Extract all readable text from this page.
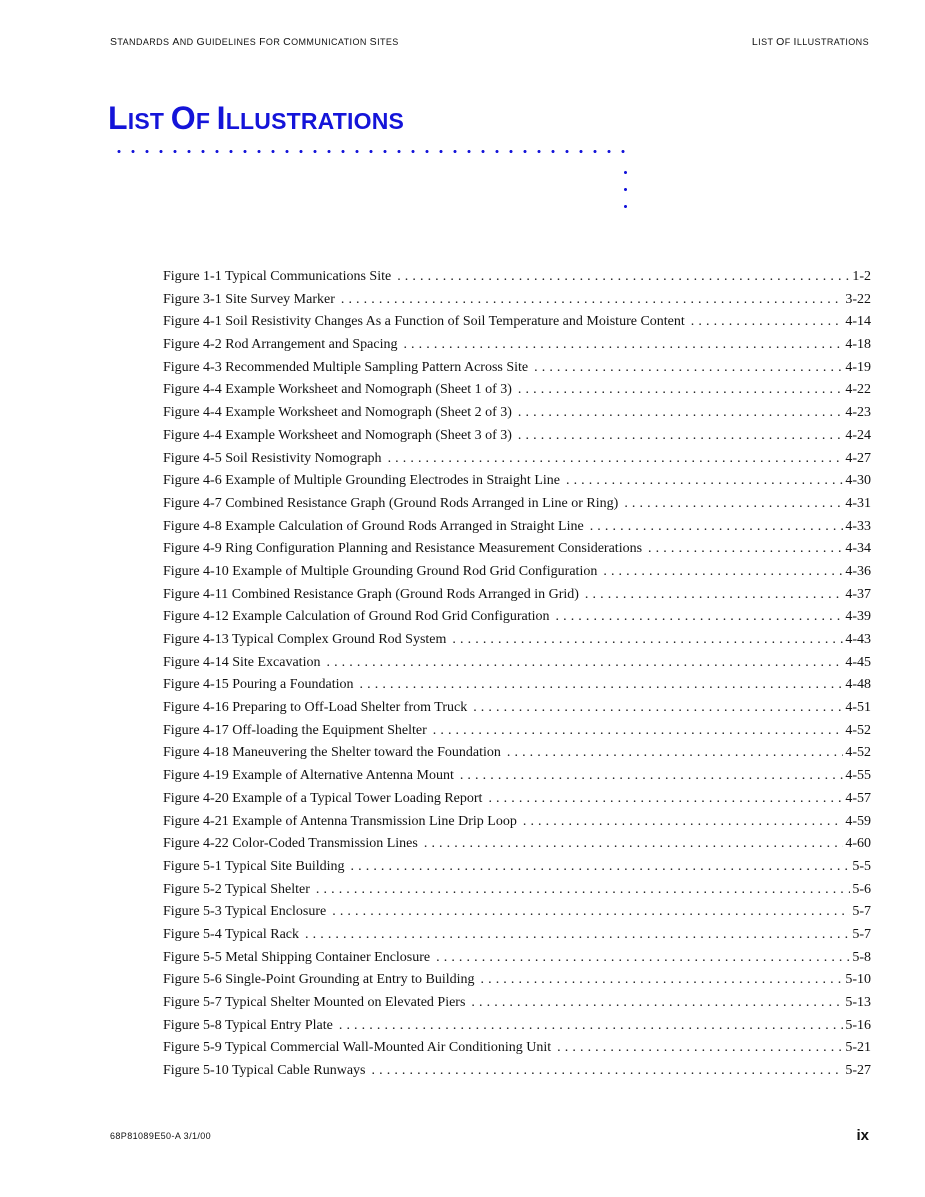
STANDARDS AND GUIDELINES FOR COMMUNICATION SITES	LIST OF ILLUSTRATIONS
LIST OF ILLUSTRATIONS
Figure 1-1 Typical Communications Site . . .	1-2
Figure 3-1 Site Survey Marker . . .	3-22
Figure 4-1 Soil Resistivity Changes As a Function of Soil Temperature and Moisture Content . . .	4-14
Figure 4-2 Rod Arrangement and Spacing . . .	4-18
Figure 4-3 Recommended Multiple Sampling Pattern Across Site . . .	4-19
Figure 4-4 Example Worksheet and Nomograph (Sheet 1 of 3) . . .	4-22
Figure 4-4 Example Worksheet and Nomograph (Sheet 2 of 3) . . .	4-23
Figure 4-4 Example Worksheet and Nomograph (Sheet 3 of 3) . . .	4-24
Figure 4-5 Soil Resistivity Nomograph . . .	4-27
Figure 4-6 Example of Multiple Grounding Electrodes in Straight Line . . .	4-30
Figure 4-7 Combined Resistance Graph (Ground Rods Arranged in Line or Ring) . . .	4-31
Figure 4-8 Example Calculation of Ground Rods Arranged in Straight Line . . .	4-33
Figure 4-9 Ring Configuration Planning and Resistance Measurement Considerations . . .	4-34
Figure 4-10 Example of Multiple Grounding Ground Rod Grid Configuration . . .	4-36
Figure 4-11 Combined Resistance Graph (Ground Rods Arranged in Grid) . . .	4-37
Figure 4-12 Example Calculation of Ground Rod Grid Configuration . . .	4-39
Figure 4-13 Typical Complex Ground Rod System . . .	4-43
Figure 4-14 Site Excavation . . .	4-45
Figure 4-15 Pouring a Foundation . . .	4-48
Figure 4-16 Preparing to Off-Load Shelter from Truck . . .	4-51
Figure 4-17 Off-loading the Equipment Shelter . . .	4-52
Figure 4-18 Maneuvering the Shelter toward the Foundation . . .	4-52
Figure 4-19 Example of Alternative Antenna Mount . . .	4-55
Figure 4-20 Example of a Typical Tower Loading Report . . .	4-57
Figure 4-21 Example of Antenna Transmission Line Drip Loop . . .	4-59
Figure 4-22 Color-Coded Transmission Lines . . .	4-60
Figure 5-1 Typical Site Building . . .	5-5
Figure 5-2 Typical Shelter . . .	5-6
Figure 5-3 Typical Enclosure . . .	5-7
Figure 5-4 Typical Rack . . .	5-7
Figure 5-5 Metal Shipping Container Enclosure . . .	5-8
Figure 5-6 Single-Point Grounding at Entry to Building . . .	5-10
Figure 5-7 Typical Shelter Mounted on Elevated Piers . . .	5-13
Figure 5-8 Typical Entry Plate . . .	5-16
Figure 5-9 Typical Commercial Wall-Mounted Air Conditioning Unit . . .	5-21
Figure 5-10 Typical Cable Runways . . .	5-27
68P81089E50-A 3/1/00	ix
